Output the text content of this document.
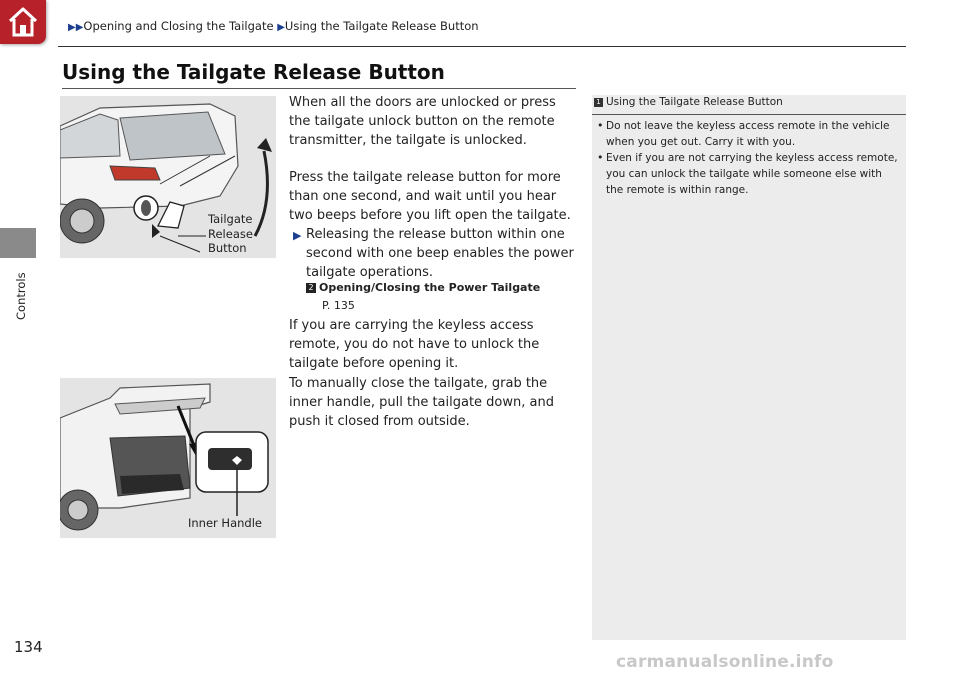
▶▶Opening and Closing the Tailgate ▶Using the Tailgate Release Button
Controls
134
Using the Tailgate Release Button
Tailgate
Release
Button
Inner Handle

When all the doors are unlocked or press the tailgate unlock button on the remote transmitter, the tailgate is unlocked.

Press the tailgate release button for more than one second, and wait until you hear two beeps before you lift open the tailgate.

▶ Releasing the release button within one second with one beep enables the power tailgate operations.
2 Opening/Closing the Power Tailgate
P. 135

If you are carrying the keyless access remote, you do not have to unlock the tailgate before opening it.

To manually close the tailgate, grab the inner handle, pull the tailgate down, and push it closed from outside.

1 Using the Tailgate Release Button
• Do not leave the keyless access remote in the vehicle when you get out. Carry it with you.
• Even if you are not carrying the keyless access remote, you can unlock the tailgate while someone else with the remote is within range.
carmanualsonline.info
